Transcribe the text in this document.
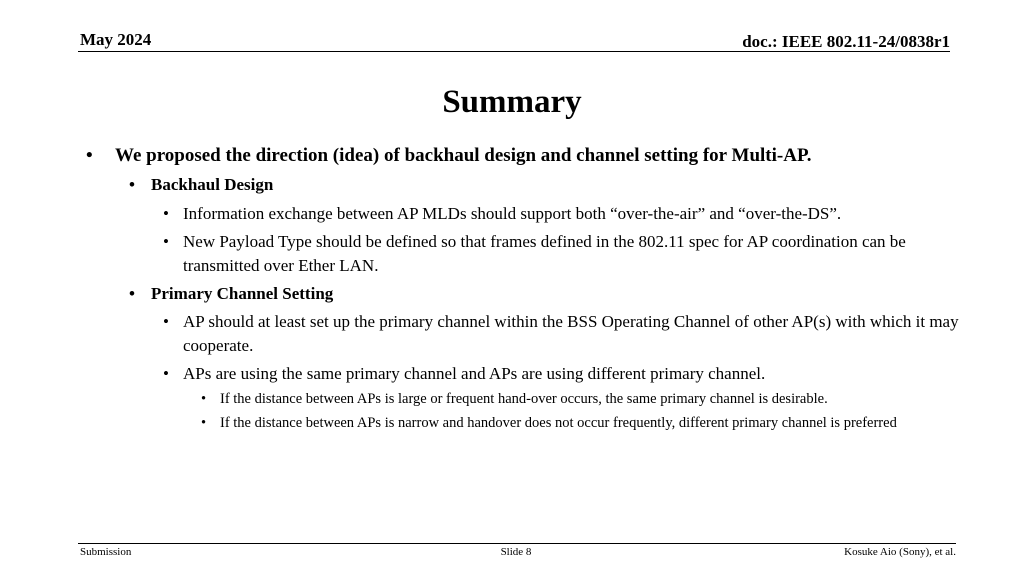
May 2024	doc.: IEEE 802.11-24/0838r1
Summary
•	We proposed the direction (idea) of backhaul design and channel setting for Multi-AP.
• Backhaul Design
• Information exchange between AP MLDs should support both “over-the-air” and “over-the-DS”.
• New Payload Type should be defined so that frames defined in the 802.11 spec for AP coordination can be transmitted over Ether LAN.
• Primary Channel Setting
• AP should at least set up the primary channel within the BSS Operating Channel of other AP(s) with which it may cooperate.
• APs are using the same primary channel and APs are using different primary channel.
• If the distance between APs is large or frequent hand-over occurs, the same primary channel is desirable.
• If the distance between APs is narrow and handover does not occur frequently, different primary channel is preferred
Submission	Slide 8	Kosuke Aio (Sony), et al.
